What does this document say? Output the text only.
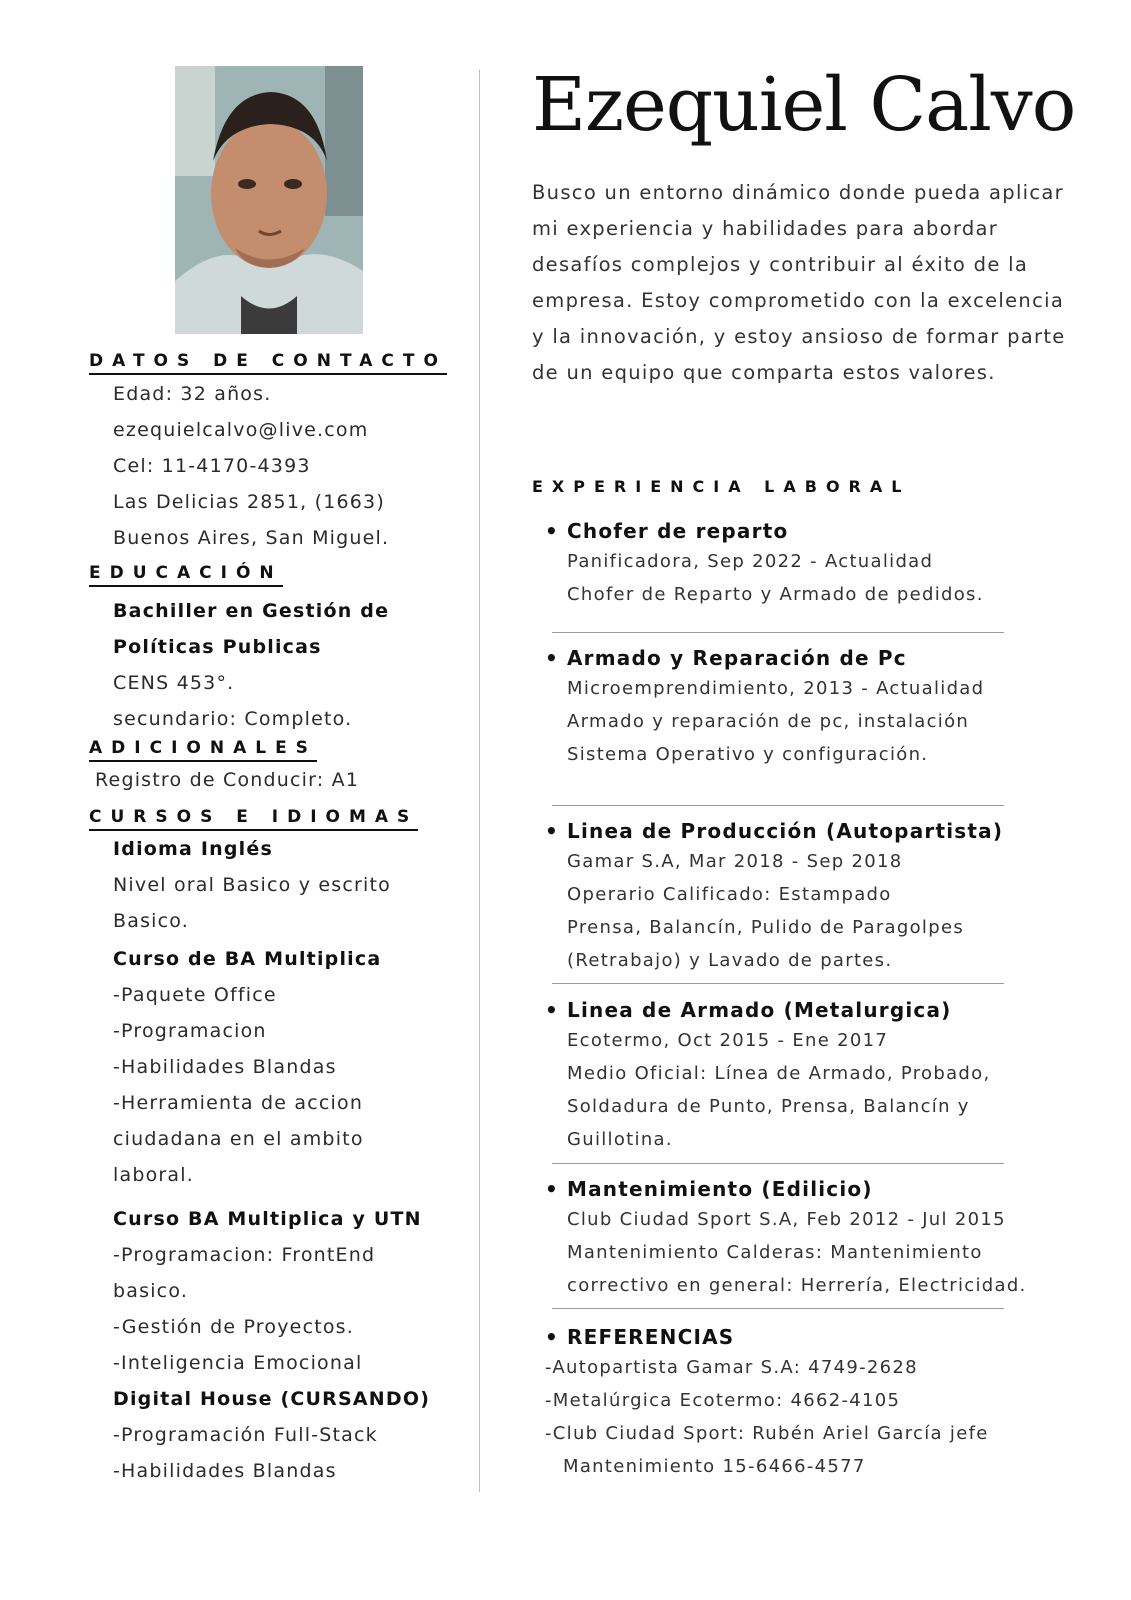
DATOS DE CONTACTO
Edad: 32 años.
ezequielcalvo@live.com
Cel: 11-4170-4393
Las Delicias 2851, (1663)
Buenos Aires, San Miguel.
EDUCACIÓN
Bachiller en Gestión de
Políticas Publicas
CENS 453°.
secundario: Completo.
ADICIONALES
Registro de Conducir: A1
CURSOS E IDIOMAS
Idioma Inglés
Nivel oral Basico y escrito
Basico.
Curso de BA Multiplica
-Paquete Office
-Programacion
-Habilidades Blandas
-Herramienta de accion
ciudadana en el ambito
laboral.
Curso BA Multiplica y UTN
-Programacion: FrontEnd
basico.
-Gestión de Proyectos.
-Inteligencia Emocional
Digital House (CURSANDO)
-Programación Full-Stack
-Habilidades Blandas
Ezequiel Calvo
Busco un entorno dinámico donde pueda aplicar mi experiencia y habilidades para abordar desafíos complejos y contribuir al éxito de la empresa. Estoy comprometido con la excelencia y la innovación, y estoy ansioso de formar parte de un equipo que comparta estos valores.
EXPERIENCIA LABORAL
• Chofer de reparto
Panificadora, Sep 2022 - Actualidad
Chofer de Reparto y Armado de pedidos.
• Armado y Reparación de Pc
Microemprendimiento, 2013 - Actualidad
Armado y reparación de pc, instalación
Sistema Operativo y configuración.
• Linea de Producción (Autopartista)
Gamar S.A, Mar 2018 - Sep 2018
Operario Calificado: Estampado
Prensa, Balancín, Pulido de Paragolpes
(Retrabajo) y Lavado de partes.
• Linea de Armado (Metalurgica)
Ecotermo, Oct 2015 - Ene 2017
Medio Oficial: Línea de Armado, Probado,
Soldadura de Punto, Prensa, Balancín y
Guillotina.
• Mantenimiento (Edilicio)
Club Ciudad Sport S.A, Feb 2012 - Jul 2015
Mantenimiento Calderas: Mantenimiento
correctivo en general: Herrería, Electricidad.
• REFERENCIAS
-Autopartista Gamar S.A: 4749-2628
-Metalúrgica Ecotermo: 4662-4105
-Club Ciudad Sport: Rubén Ariel García jefe
Mantenimiento 15-6466-4577
